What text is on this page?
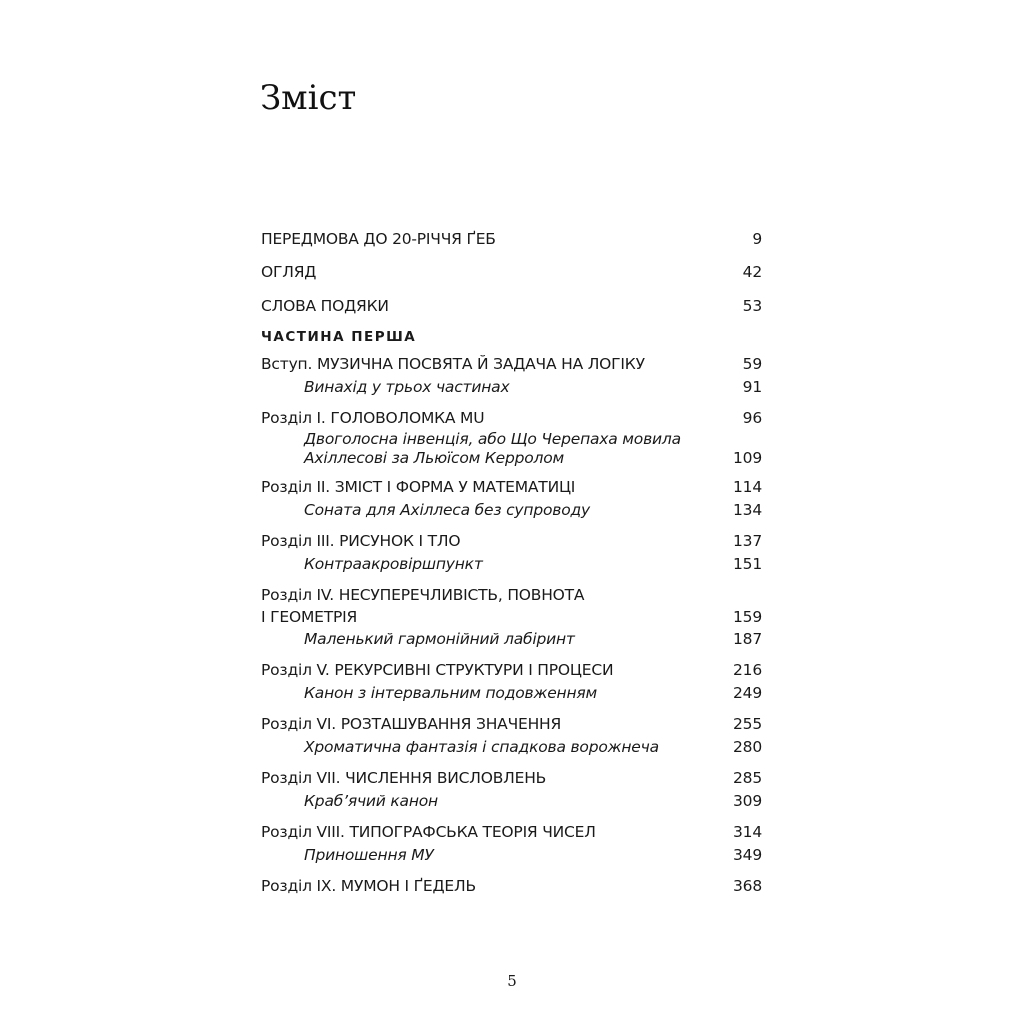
Зміст
ПЕРЕДМОВА ДО 20-РІЧЧЯ ҐЕБ	9
ОГЛЯД	42
СЛОВА ПОДЯКИ	53
ЧАСТИНА ПЕРША
Вступ. МУЗИЧНА ПОСВЯТА Й ЗАДАЧА НА ЛОГІКУ	59
Винахід у трьох частинах	91
Розділ І. ГОЛОВОЛОМКА MU	96
Двоголосна інвенція, або Що Черепаха мовила
Ахіллесові за Льюїсом Керролом	109
Розділ ІІ. ЗМІСТ І ФОРМА У МАТЕМАТИЦІ	114
Соната для Ахіллеса без супроводу	134
Розділ ІІІ. РИСУНОК І ТЛО	137
Контраакровіршпункт	151
Розділ IV. НЕСУПЕРЕЧЛИВІСТЬ, ПОВНОТА
І ГЕОМЕТРІЯ	159
Маленький гармонійний лабіринт	187
Розділ V. РЕКУРСИВНІ СТРУКТУРИ І ПРОЦЕСИ	216
Канон з інтервальним подовженням	249
Розділ VІ. РОЗТАШУВАННЯ ЗНАЧЕННЯ	255
Хроматична фантазія і спадкова ворожнеча	280
Розділ VІІ. ЧИСЛЕННЯ ВИСЛОВЛЕНЬ	285
Краб’ячий канон	309
Розділ VІІІ. ТИПОГРАФСЬКА ТЕОРІЯ ЧИСЕЛ	314
Приношення MУ	349
Розділ IX. МУМОН І ҐЕДЕЛЬ	368
5
